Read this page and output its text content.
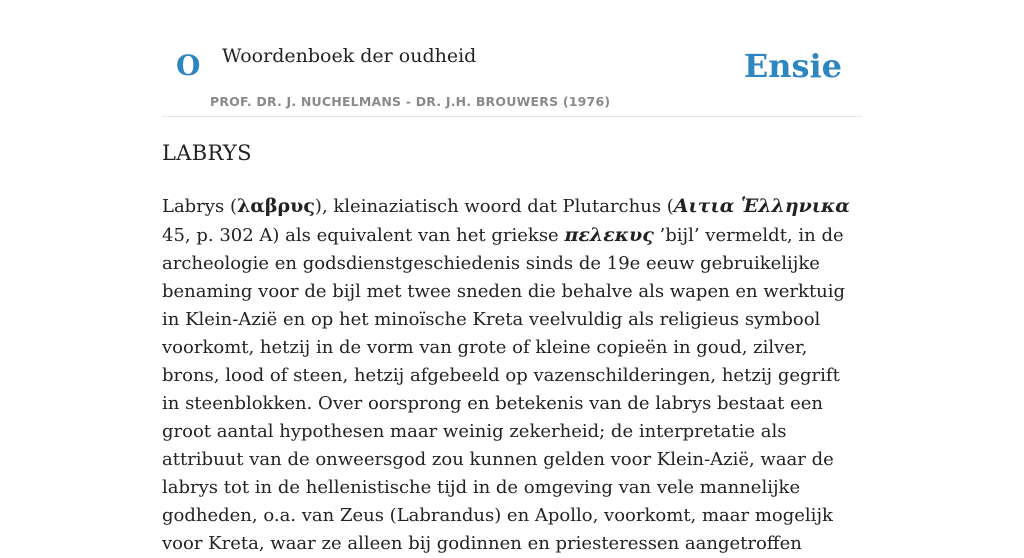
O Woordenboek der oudheid	Ensie
PROF. DR. J. NUCHELMANS - DR. J.H. BROUWERS (1976)
LABRYS

Labrys (λαβρυς), kleinaziatisch woord dat Plutarchus (Αιτια Ἑλληνικα 45, p. 302 A) als equivalent van het griekse πελεκυς ’bijl’ vermeldt, in de archeologie en godsdienstgeschiedenis sinds de 19e eeuw gebruikelijke benaming voor de bijl met twee sneden die behalve als wapen en werktuig in Klein-Azië en op het minoïsche Kreta veelvuldig als religieus symbool voorkomt, hetzij in de vorm van grote of kleine copieën in goud, zilver, brons, lood of steen, hetzij afgebeeld op vazenschilderingen, hetzij gegrift in steenblokken. Over oorsprong en betekenis van de labrys bestaat een groot aantal hypothesen maar weinig zekerheid; de interpretatie als attribuut van de onweersgod zou kunnen gelden voor Klein-Azië, waar de labrys tot in de hellenistische tijd in de omgeving van vele mannelijke godheden, o.a. van Zeus (Labrandus) en Apollo, voorkomt, maar mogelijk voor Kreta, waar ze alleen bij godinnen en priesteressen aangetroffen
